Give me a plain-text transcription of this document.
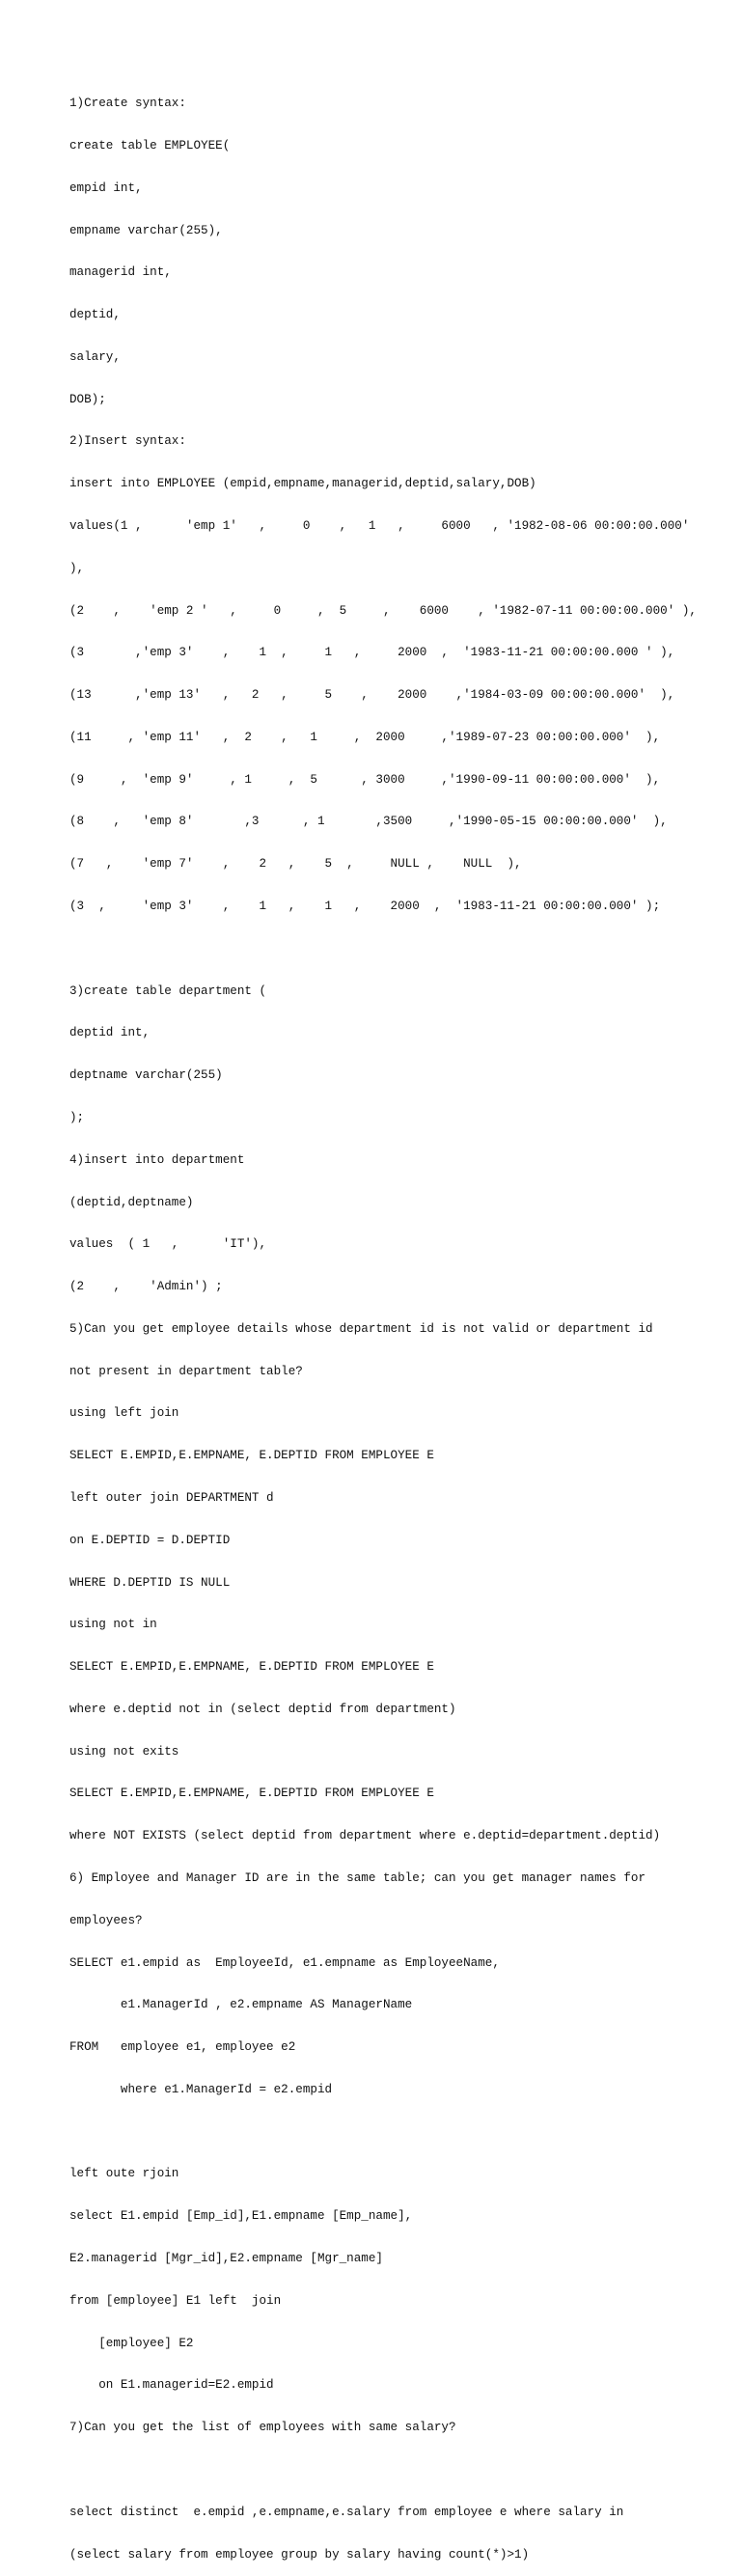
1)Create syntax:

create table EMPLOYEE(

empid int,

empname varchar(255),

managerid int,

deptid,

salary,

DOB);

2)Insert syntax:

insert into EMPLOYEE (empid,empname,managerid,deptid,salary,DOB)

values(1 ,      'emp 1'   ,     0    ,   1   ,     6000   , '1982-08-06 00:00:00.000'

),

(2    ,    'emp 2 '   ,     0     ,  5     ,    6000    , '1982-07-11 00:00:00.000' ),

(3       ,'emp 3'    ,    1  ,     1   ,     2000  ,  '1983-11-21 00:00:00.000 ' ),

(13      ,'emp 13'   ,   2   ,     5    ,    2000    ,'1984-03-09 00:00:00.000'  ),

(11     , 'emp 11'   ,  2    ,   1     ,  2000     ,'1989-07-23 00:00:00.000'  ),

(9     ,  'emp 9'     , 1     ,  5      , 3000     ,'1990-09-11 00:00:00.000'  ),

(8    ,   'emp 8'       ,3      , 1       ,3500     ,'1990-05-15 00:00:00.000'  ),

(7   ,    'emp 7'    ,    2   ,    5  ,     NULL ,    NULL  ),

(3  ,     'emp 3'    ,    1   ,    1   ,    2000  ,  '1983-11-21 00:00:00.000' );

3)create table department (

deptid int,

deptname varchar(255)

);

4)insert into department

(deptid,deptname)

values  ( 1   ,      'IT'),

(2    ,    'Admin') ;

5)Can you get employee details whose department id is not valid or department id

not present in department table?

using left join

SELECT E.EMPID,E.EMPNAME, E.DEPTID FROM EMPLOYEE E

left outer join DEPARTMENT d

on E.DEPTID = D.DEPTID

WHERE D.DEPTID IS NULL

using not in

SELECT E.EMPID,E.EMPNAME, E.DEPTID FROM EMPLOYEE E

where e.deptid not in (select deptid from department)

using not exits

SELECT E.EMPID,E.EMPNAME, E.DEPTID FROM EMPLOYEE E

where NOT EXISTS (select deptid from department where e.deptid=department.deptid)

6) Employee and Manager ID are in the same table; can you get manager names for

employees?

SELECT e1.empid as  EmployeeId, e1.empname as EmployeeName,

e1.ManagerId , e2.empname AS ManagerName

FROM   employee e1, employee e2

where e1.ManagerId = e2.empid

left oute rjoin

select E1.empid [Emp_id],E1.empname [Emp_name],

E2.managerid [Mgr_id],E2.empname [Mgr_name]

from [employee] E1 left  join

[employee] E2

on E1.managerid=E2.empid

7)Can you get the list of employees with same salary?

select distinct  e.empid ,e.empname,e.salary from employee e where salary in

(select salary from employee group by salary having count(*)>1)
